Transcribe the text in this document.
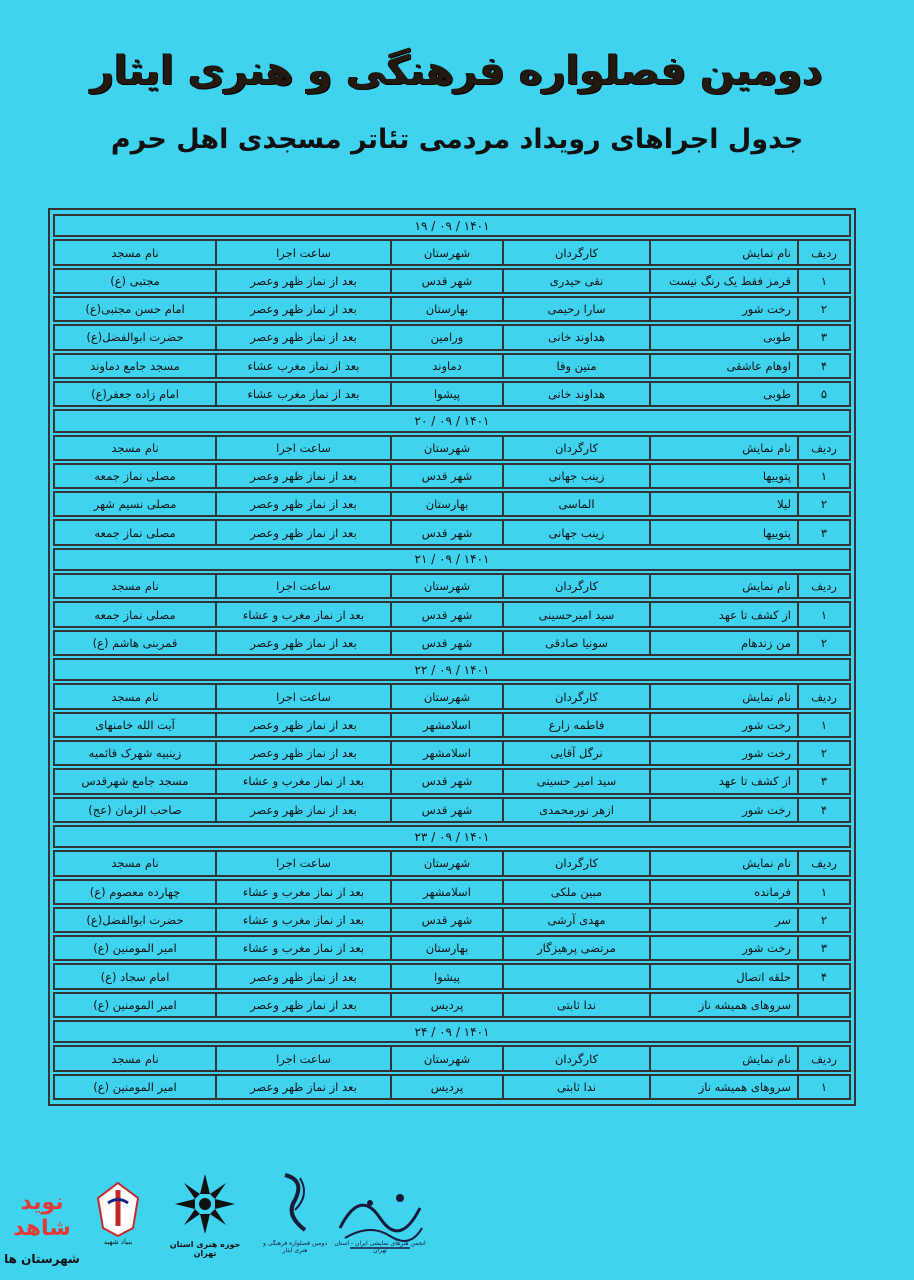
دومین فصلواره فرهنگی و هنری ایثار
جدول اجراهای رویداد مردمی تئاتر مسجدی اهل حرم
۱۴۰۱ / ۰۹ / ۱۹
ردیف
نام نمایش
کارگردان
شهرستان
ساعت اجرا
نام مسجد
۱
قرمز فقط یک رنگ نیست
نقی حیدری
شهر قدس
بعد از نماز ظهر وعصر
مجتبی (ع)
۲
رخت شور
سارا رحیمی
بهارستان
بعد از نماز ظهر وعصر
امام حسن مجتبی(ع)
۳
طوبی
هداوند خانی
ورامین
بعد از نماز ظهر وعصر
حضرت ابوالفضل(ع)
۴
اوهام عاشقی
متین وفا
دماوند
بعد از نماز مغرب عشاء
مسجد جامع دماوند
۵
طوبی
هداوند خانی
پیشوا
بعد از نماز مغرب عشاء
امام زاده جعفر(ع)
۱۴۰۱ / ۰۹ / ۲۰
ردیف
نام نمایش
کارگردان
شهرستان
ساعت اجرا
نام مسجد
۱
پتوییها
زینب جهانی
شهر قدس
بعد از نماز ظهر وعصر
مصلی نماز جمعه
۲
لیلا
الماسی
بهارستان
بعد از نماز ظهر وعصر
مصلی نسیم شهر
۳
پتوییها
زینب جهانی
شهر قدس
بعد از نماز ظهر وعصر
مصلی نماز جمعه
۱۴۰۱ / ۰۹ / ۲۱
ردیف
نام نمایش
کارگردان
شهرستان
ساعت اجرا
نام مسجد
۱
از کشف تا عهد
سید امیرحسینی
شهر قدس
بعد از نماز مغرب و عشاء
مصلی نماز جمعه
۲
من زندهام
سونیا صادقی
شهر قدس
بعد از نماز ظهر وعصر
قمربنی هاشم (ع)
۱۴۰۱ / ۰۹ / ۲۲
ردیف
نام نمایش
کارگردان
شهرستان
ساعت اجرا
نام مسجد
۱
رخت شور
فاطمه زارع
اسلامشهر
بعد از نماز ظهر وعصر
آیت الله خامنهای
۲
رخت شور
نرگل آقایی
اسلامشهر
بعد از نماز ظهر وعصر
زینبیه شهرک قائمیه
۳
از کشف تا عهد
سید امیر حسینی
شهر قدس
بعد از نماز مغرب و عشاء
مسجد جامع شهرقدس
۴
رخت شور
ازهر نورمحمدی
شهر قدس
بعد از نماز ظهر وعصر
صاحب الزمان (عج)
۱۴۰۱ / ۰۹ / ۲۳
ردیف
نام نمایش
کارگردان
شهرستان
ساعت اجرا
نام مسجد
۱
فرمانده
مبین ملکی
اسلامشهر
بعد از نماز مغرب و عشاء
چهارده معصوم (ع)
۲
سر
مهدی آرشی
شهر قدس
بعد از نماز مغرب و عشاء
حضرت ابوالفضل(ع)
۳
رخت شور
مرتضی پرهیزگار
بهارستان
بعد از نماز مغرب و عشاء
امیر المومنین (ع)
۴
حلقه اتصال
پیشوا
بعد از نماز ظهر وعصر
امام سجاد (ع)
سروهای همیشه ناز
ندا ثابتی
پردیس
بعد از نماز ظهر وعصر
امیر المومنین (ع)
۱۴۰۱ / ۰۹ / ۲۴
ردیف
نام نمایش
کارگردان
شهرستان
ساعت اجرا
نام مسجد
۱
سروهای همیشه ناز
ندا ثابتی
پردیس
بعد از نماز ظهر وعصر
امیر المومنین (ع)
انجمن هنرهای نمایشی ایران - استان تهران
دومین فصلواره فرهنگی و هنری ایثار
حوزه هنری استان تهران
بنیاد شهید
نوید شاهد
شهرستان ها
